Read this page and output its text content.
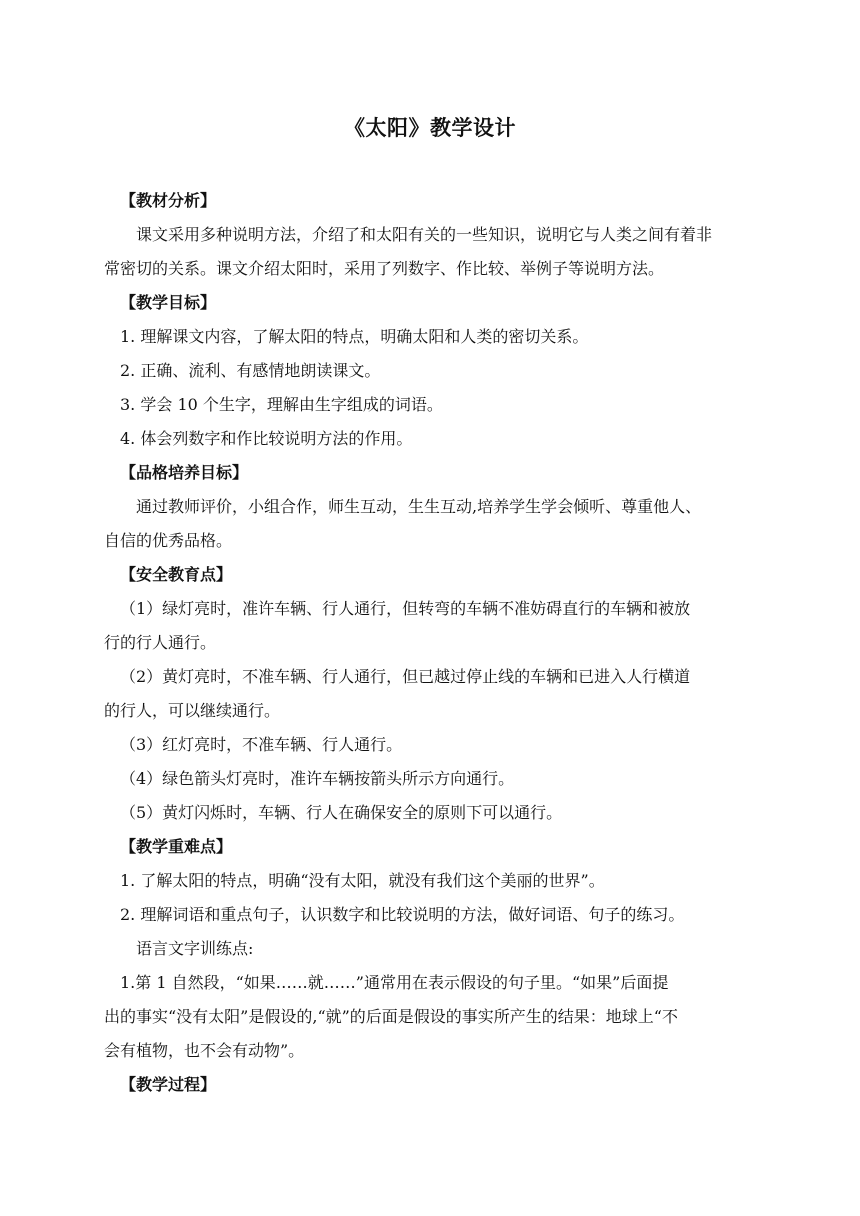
《太阳》教学设计

【教材分析】

课文采用多种说明方法，介绍了和太阳有关的一些知识，说明它与人类之间有着非

常密切的关系。课文介绍太阳时，采用了列数字、作比较、举例子等说明方法。

【教学目标】

1. 理解课文内容，了解太阳的特点，明确太阳和人类的密切关系。

2. 正确、流利、有感情地朗读课文。

3. 学会 10 个生字，理解由生字组成的词语。

4. 体会列数字和作比较说明方法的作用。

【品格培养目标】

通过教师评价，小组合作，师生互动，生生互动,培养学生学会倾听、尊重他人、

自信的优秀品格。

【安全教育点】

（1）绿灯亮时，准许车辆、行人通行，但转弯的车辆不准妨碍直行的车辆和被放

行的行人通行。

（2）黄灯亮时，不准车辆、行人通行，但已越过停止线的车辆和已进入人行横道

的行人，可以继续通行。

（3）红灯亮时，不准车辆、行人通行。

（4）绿色箭头灯亮时，准许车辆按箭头所示方向通行。

（5）黄灯闪烁时，车辆、行人在确保安全的原则下可以通行。

【教学重难点】

1. 了解太阳的特点，明确“没有太阳，就没有我们这个美丽的世界”。

2. 理解词语和重点句子，认识数字和比较说明的方法，做好词语、句子的练习。

语言文字训练点:

1.第 1 自然段，“如果……就……”通常用在表示假设的句子里。“如果”后面提

出的事实“没有太阳”是假设的,“就”的后面是假设的事实所产生的结果：地球上“不

会有植物，也不会有动物”。

【教学过程】
